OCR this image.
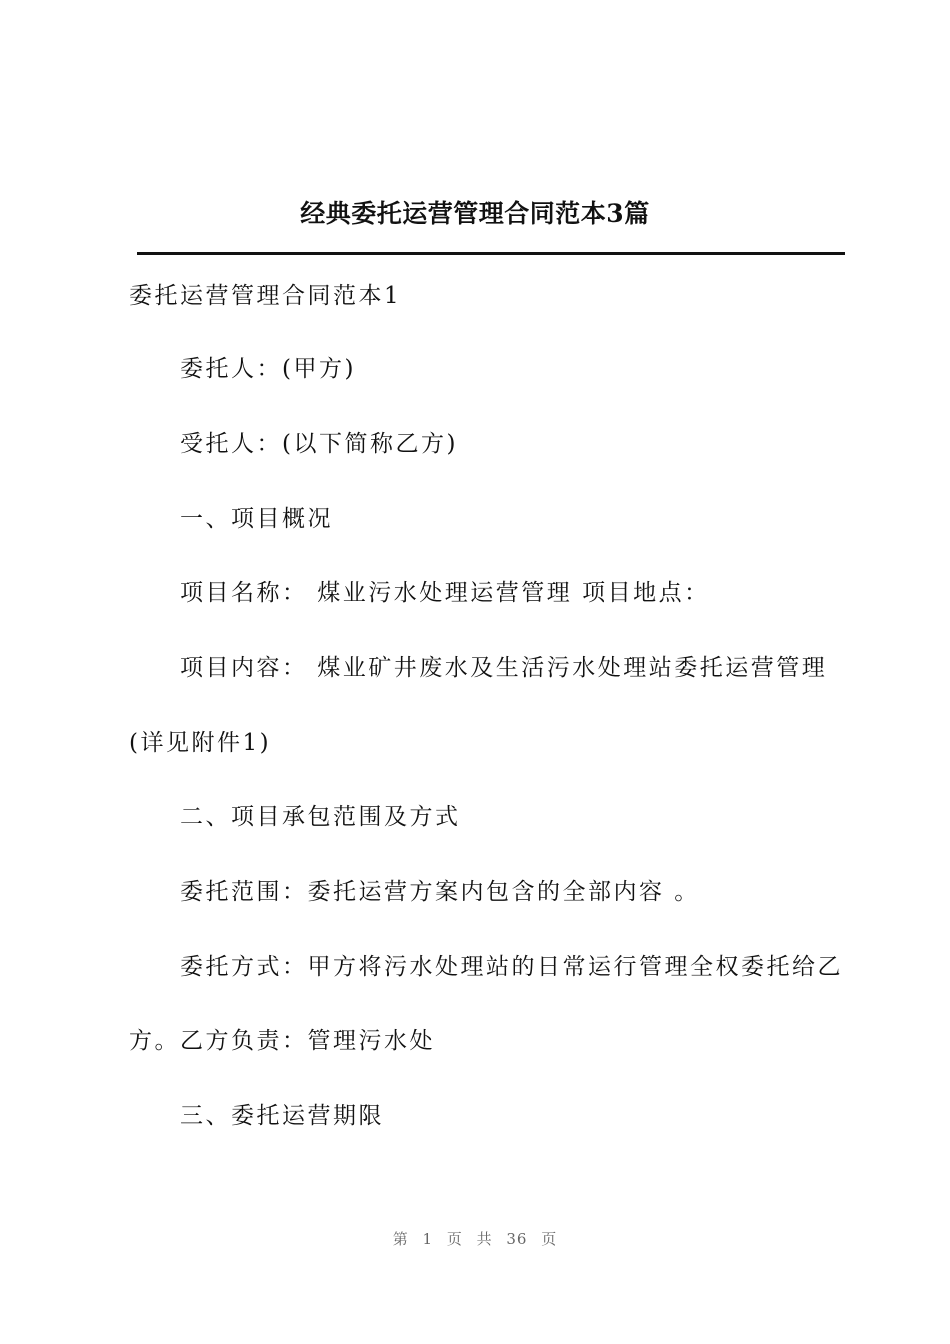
经典委托运营管理合同范本3篇
委托运营管理合同范本1
委托人：(甲方)
受托人：(以下简称乙方)
一、项目概况
项目名称： 煤业污水处理运营管理 项目地点：
项目内容： 煤业矿井废水及生活污水处理站委托运营管理
(详见附件1)
二、项目承包范围及方式
委托范围：委托运营方案内包含的全部内容 。
委托方式：甲方将污水处理站的日常运行管理全权委托给乙
方。乙方负责：管理污水处
三、委托运营期限
第 1 页 共 36 页
